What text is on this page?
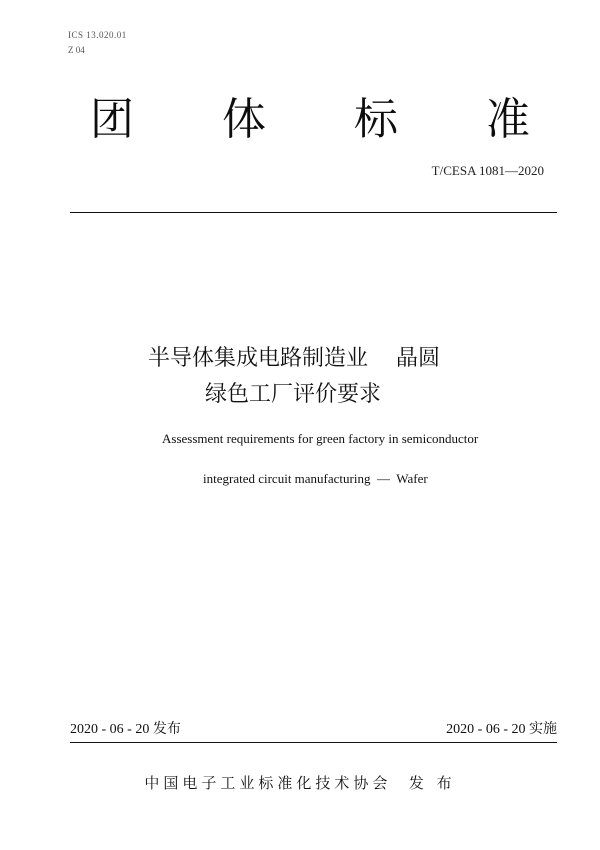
ICS 13.020.01
Z 04
团 体 标 准
T/CESA 1081—2020
半导体集成电路制造业    晶圆
绿色工厂评价要求
Assessment requirements for green factory in semiconductor
integrated circuit manufacturing  —  Wafer
2020 - 06 - 20 发布	2020 - 06 - 20 实施
中国电子工业标准化技术协会  发 布
